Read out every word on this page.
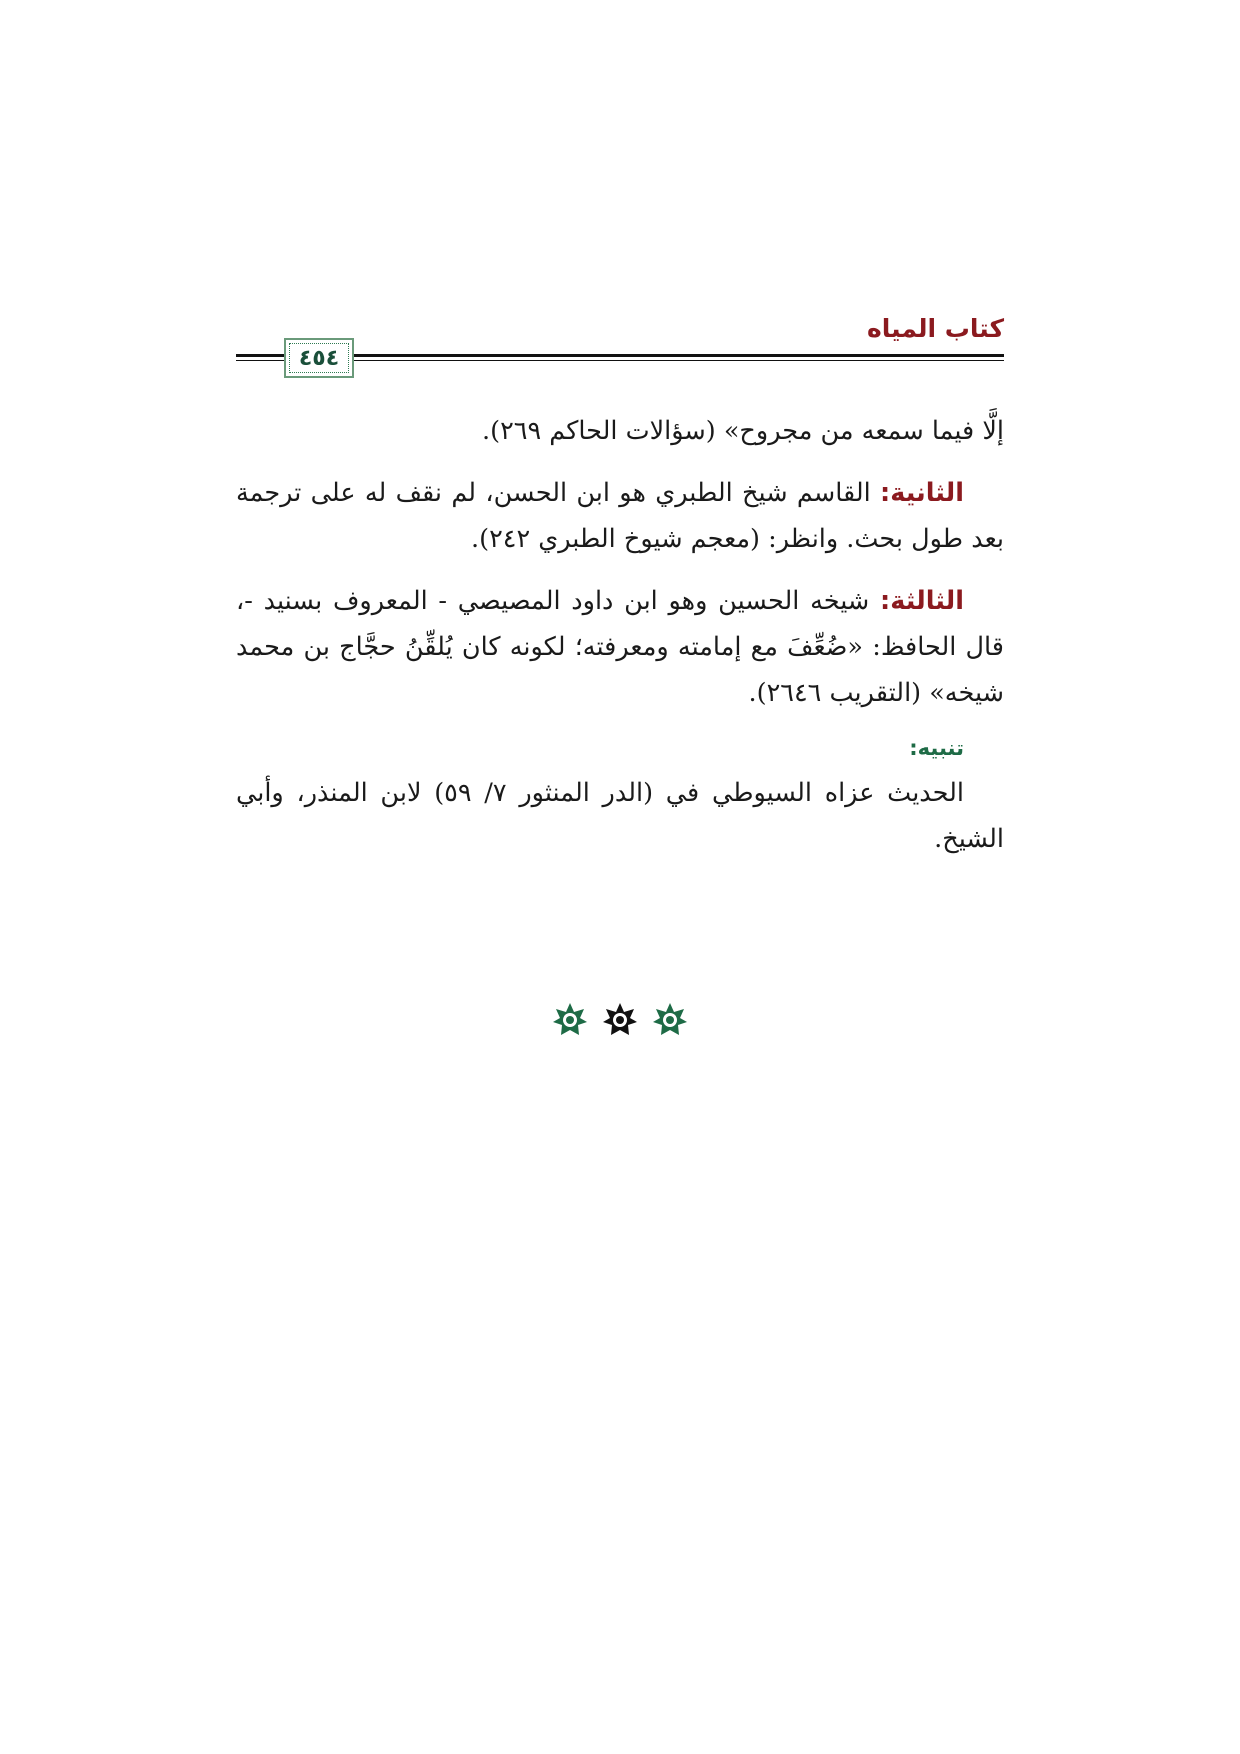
كتاب المياه
٤٥٤

إلَّا فيما سمعه من مجروح» (سؤالات الحاكم ٢٦٩).

الثانية: القاسم شيخ الطبري هو ابن الحسن، لم نقف له على ترجمة بعد طول بحث. وانظر: (معجم شيوخ الطبري ٢٤٢).

الثالثة: شيخه الحسين وهو ابن داود المصيصي - المعروف بسنيد -، قال الحافظ: «ضُعِّفَ مع إمامته ومعرفته؛ لكونه كان يُلقِّنُ حجَّاج بن محمد شيخه» (التقريب ٢٦٤٦).

تنبيه:

الحديث عزاه السيوطي في (الدر المنثور ٧/ ٥٩) لابن المنذر، وأبي الشيخ.
